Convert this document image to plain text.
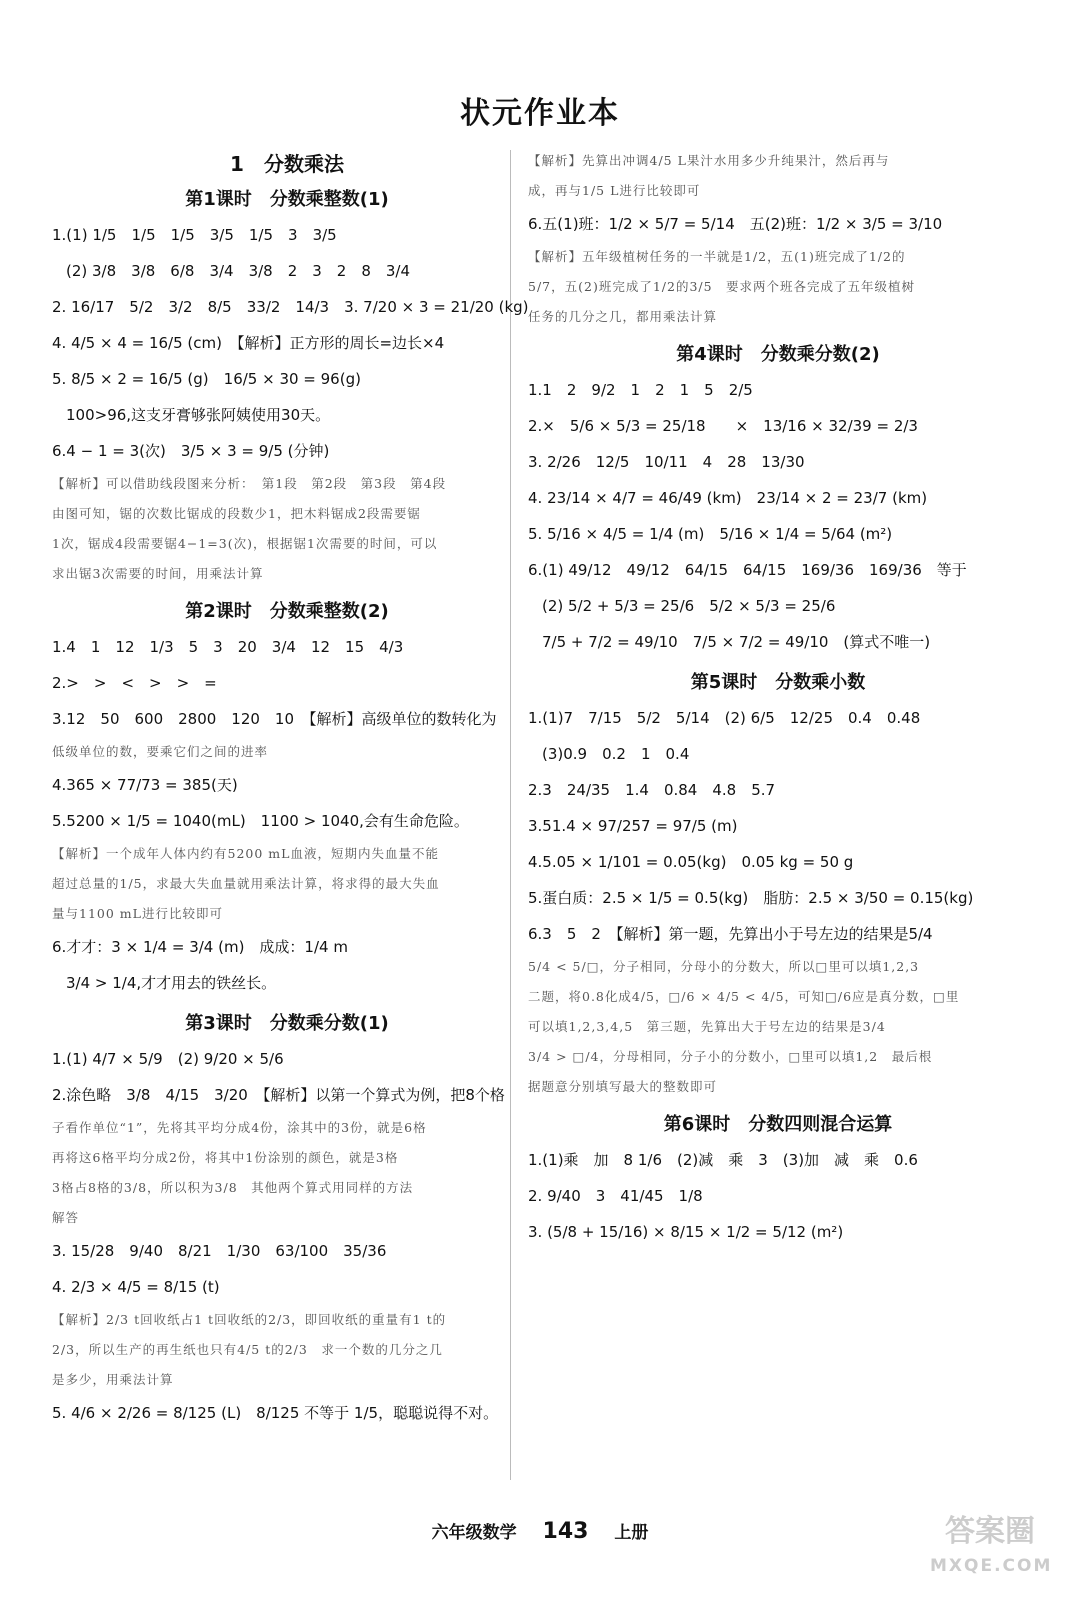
状元作业本
1　分数乘法
第1课时　分数乘整数(1)
1.(1) 1/5　1/5　1/5　3/5　1/5　3　3/5
(2) 3/8　3/8　6/8　3/4　3/8　2　3　2　8　3/4
2. 16/17　5/2　3/2　8/5　33/2　14/3　3. 7/20 × 3 = 21/20 (kg)
4. 4/5 × 4 = 16/5 (cm)　【解析】正方形的周长=边长×4
5. 8/5 × 2 = 16/5 (g)　16/5 × 30 = 96(g)
100>96,这支牙膏够张阿姨使用30天。
6.4 − 1 = 3(次)　3/5 × 3 = 9/5 (分钟)
【解析】可以借助线段图来分析：　第1段　第2段　第3段　第4段
由图可知，锯的次数比锯成的段数少1，把木料锯成2段需要锯
1次，锯成4段需要锯4−1=3(次)，根据锯1次需要的时间，可以
求出锯3次需要的时间，用乘法计算
第2课时　分数乘整数(2)
1.4　1　12　1/3　5　3　20　3/4　12　15　4/3
2.>　>　<　>　>　=
3.12　50　600　2800　120　10　【解析】高级单位的数转化为
低级单位的数，要乘它们之间的进率
4.365 × 77/73 = 385(天)
5.5200 × 1/5 = 1040(mL)　1100 > 1040,会有生命危险。
【解析】一个成年人体内约有5200 mL血液，短期内失血量不能
超过总量的1/5，求最大失血量就用乘法计算，将求得的最大失血
量与1100 mL进行比较即可
6.才才：3 × 1/4 = 3/4 (m)　成成：1/4 m
3/4 > 1/4,才才用去的铁丝长。
第3课时　分数乘分数(1)
1.(1) 4/7 × 5/9　(2) 9/20 × 5/6
2.涂色略　3/8　4/15　3/20　【解析】以第一个算式为例，把8个格
子看作单位“1”，先将其平均分成4份，涂其中的3份，就是6格
再将这6格平均分成2份，将其中1份涂别的颜色，就是3格
3格占8格的3/8，所以积为3/8　其他两个算式用同样的方法
解答
3. 15/28　9/40　8/21　1/30　63/100　35/36
4. 2/3 × 4/5 = 8/15 (t)
【解析】2/3 t回收纸占1 t回收纸的2/3，即回收纸的重量有1 t的
2/3，所以生产的再生纸也只有4/5 t的2/3　求一个数的几分之几
是多少，用乘法计算
5. 4/6 × 2/26 = 8/125 (L)　8/125 不等于 1/5，聪聪说得不对。
【解析】先算出冲调4/5 L果汁水用多少升纯果汁，然后再与
成，再与1/5 L进行比较即可
6.五(1)班：1/2 × 5/7 = 5/14　五(2)班：1/2 × 3/5 = 3/10
【解析】五年级植树任务的一半就是1/2，五(1)班完成了1/2的
5/7，五(2)班完成了1/2的3/5　要求两个班各完成了五年级植树
任务的几分之几，都用乘法计算
第4课时　分数乘分数(2)
1.1　2　9/2　1　2　1　5　2/5
2.×　5/6 × 5/3 = 25/18　　×　13/16 × 32/39 = 2/3
3. 2/26　12/5　10/11　4　28　13/30
4. 23/14 × 4/7 = 46/49 (km)　23/14 × 2 = 23/7 (km)
5. 5/16 × 4/5 = 1/4 (m)　5/16 × 1/4 = 5/64 (m²)
6.(1) 49/12　49/12　64/15　64/15　169/36　169/36　等于
(2) 5/2 + 5/3 = 25/6　5/2 × 5/3 = 25/6
7/5 + 7/2 = 49/10　7/5 × 7/2 = 49/10　(算式不唯一)
第5课时　分数乘小数
1.(1)7　7/15　5/2　5/14　(2) 6/5　12/25　0.4　0.48
(3)0.9　0.2　1　0.4
2.3　24/35　1.4　0.84　4.8　5.7
3.51.4 × 97/257 = 97/5 (m)
4.5.05 × 1/101 = 0.05(kg)　0.05 kg = 50 g
5.蛋白质：2.5 × 1/5 = 0.5(kg)　脂肪：2.5 × 3/50 = 0.15(kg)
6.3　5　2　【解析】第一题，先算出小于号左边的结果是5/4
5/4 < 5/□，分子相同，分母小的分数大，所以□里可以填1,2,3
二题，将0.8化成4/5，□/6 × 4/5 < 4/5，可知□/6应是真分数，□里
可以填1,2,3,4,5　第三题，先算出大于号左边的结果是3/4
3/4 > □/4，分母相同，分子小的分数小，□里可以填1,2　最后根
据题意分别填写最大的整数即可
第6课时　分数四则混合运算
1.(1)乘　加　8 1/6　(2)减　乘　3　(3)加　减　乘　0.6
2. 9/40　3　41/45　1/8
3. (5/8 + 15/16) × 8/15 × 1/2 = 5/12 (m²)
六年级数学 143 上册	答案圈
MXQE.COM
